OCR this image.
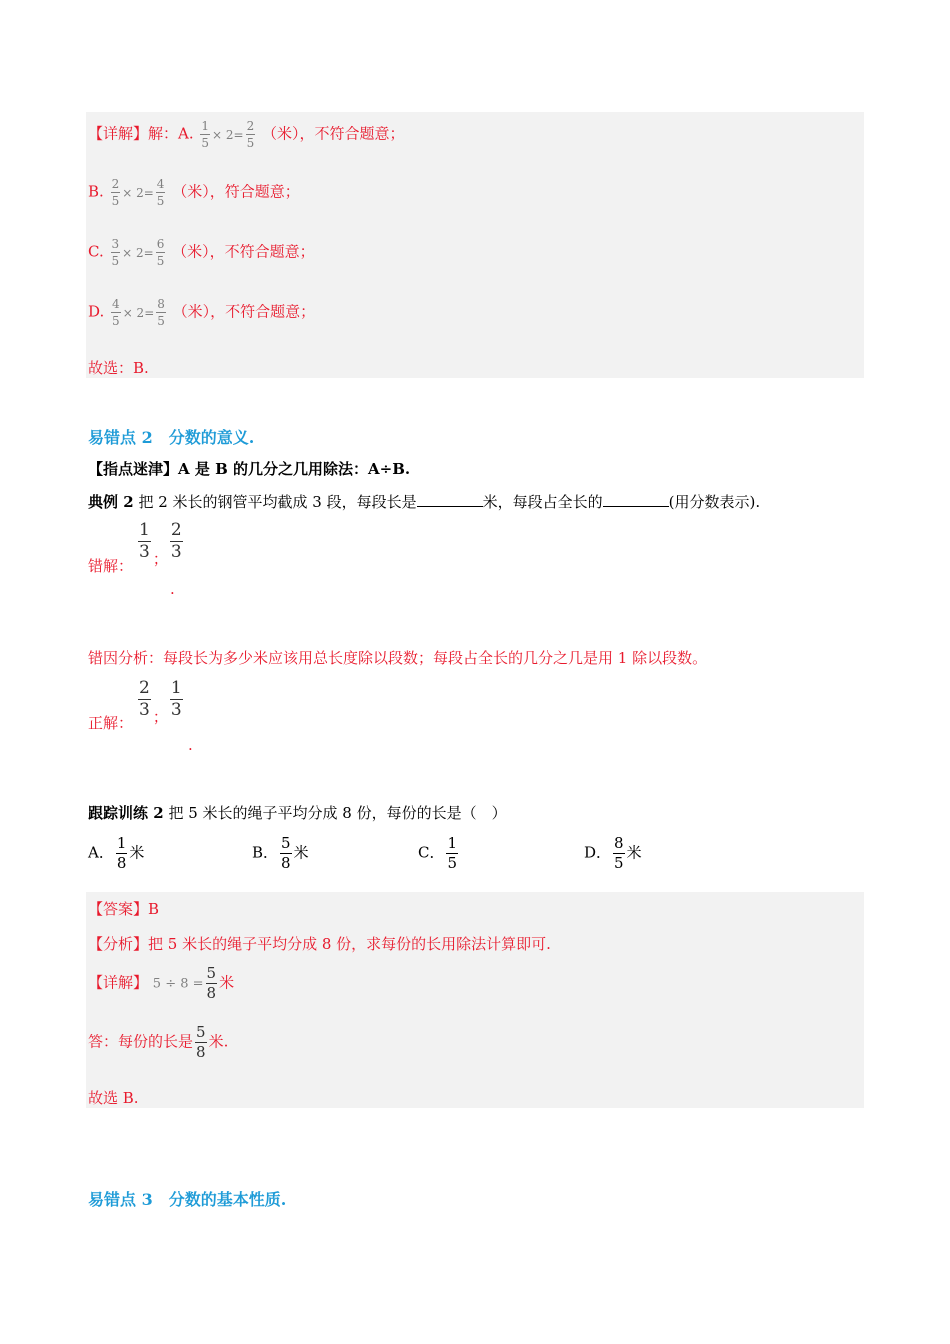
【详解】解：A. $\frac{1}{5} \times 2= \frac{2}{5}$ （米），不符合题意；
B. $\frac{2}{5} \times 2= \frac{4}{5}$ （米），符合题意；
C. $\frac{3}{5} \times 2= \frac{6}{5}$ （米），不符合题意；
D. $\frac{4}{5} \times 2= \frac{8}{5}$ （米），不符合题意；
故选：B.
易错点 2　分数的意义.
【指点迷津】A 是 B 的几分之几用除法：A÷B.
典例 2 把 2 米长的钢管平均截成 3 段，每段长是	米，每段占全长的	(用分数表示).
错解：
$\frac{1}{3}$ ； $\frac{2}{3}$
.
错因分析：每段长为多少米应该用总长度除以段数；每段占全长的几分之几是用 1 除以段数。
正解：
$\frac{2}{3}$ ； $\frac{1}{3}$
.
跟踪训练 2 把 5 米长的绳子平均分成 8 份，每份的长是（　）
A． $\frac{1}{8}$ 米	B． $\frac{5}{8}$ 米	C． $\frac{1}{5}$	D． $\frac{8}{5}$ 米
【答案】B
【分析】把 5 米长的绳子平均分成 8 份，求每份的长用除法计算即可.
【详解】 $5 \div 8 = \frac{5}{8}$ 米
答：每份的长是 $\frac{5}{8}$ 米.
故选 B.
易错点 3　分数的基本性质.
